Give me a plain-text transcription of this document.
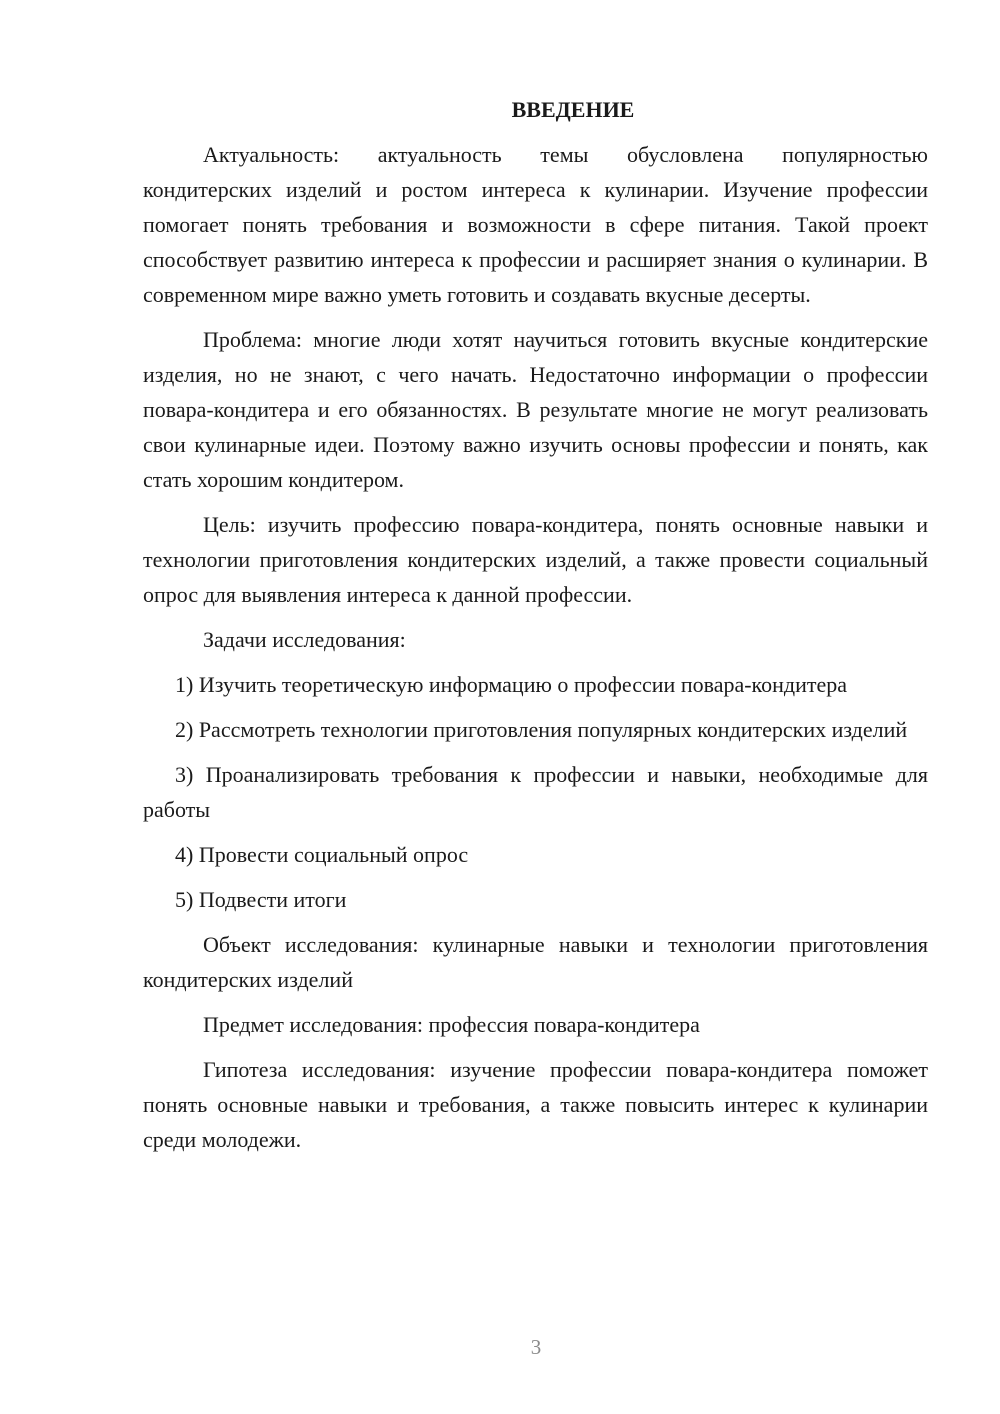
ВВЕДЕНИЕ

Актуальность: актуальность темы обусловлена популярностью кондитерских изделий и ростом интереса к кулинарии. Изучение профессии помогает понять требования и возможности в сфере питания. Такой проект способствует развитию интереса к профессии и расширяет знания о кулинарии. В современном мире важно уметь готовить и создавать вкусные десерты.

Проблема: многие люди хотят научиться готовить вкусные кондитерские изделия, но не знают, с чего начать. Недостаточно информации о профессии повара-кондитера и его обязанностях. В результате многие не могут реализовать свои кулинарные идеи. Поэтому важно изучить основы профессии и понять, как стать хорошим кондитером.

Цель: изучить профессию повара-кондитера, понять основные навыки и технологии приготовления кондитерских изделий, а также провести социальный опрос для выявления интереса к данной профессии.

Задачи исследования:

1) Изучить теоретическую информацию о профессии повара-кондитера

2) Рассмотреть технологии приготовления популярных кондитерских изделий

3) Проанализировать требования к профессии и навыки, необходимые для работы

4) Провести социальный опрос

5) Подвести итоги

Объект исследования: кулинарные навыки и технологии приготовления кондитерских изделий

Предмет исследования: профессия повара-кондитера

Гипотеза исследования: изучение профессии повара-кондитера поможет понять основные навыки и требования, а также повысить интерес к кулинарии среди молодежи.

3
